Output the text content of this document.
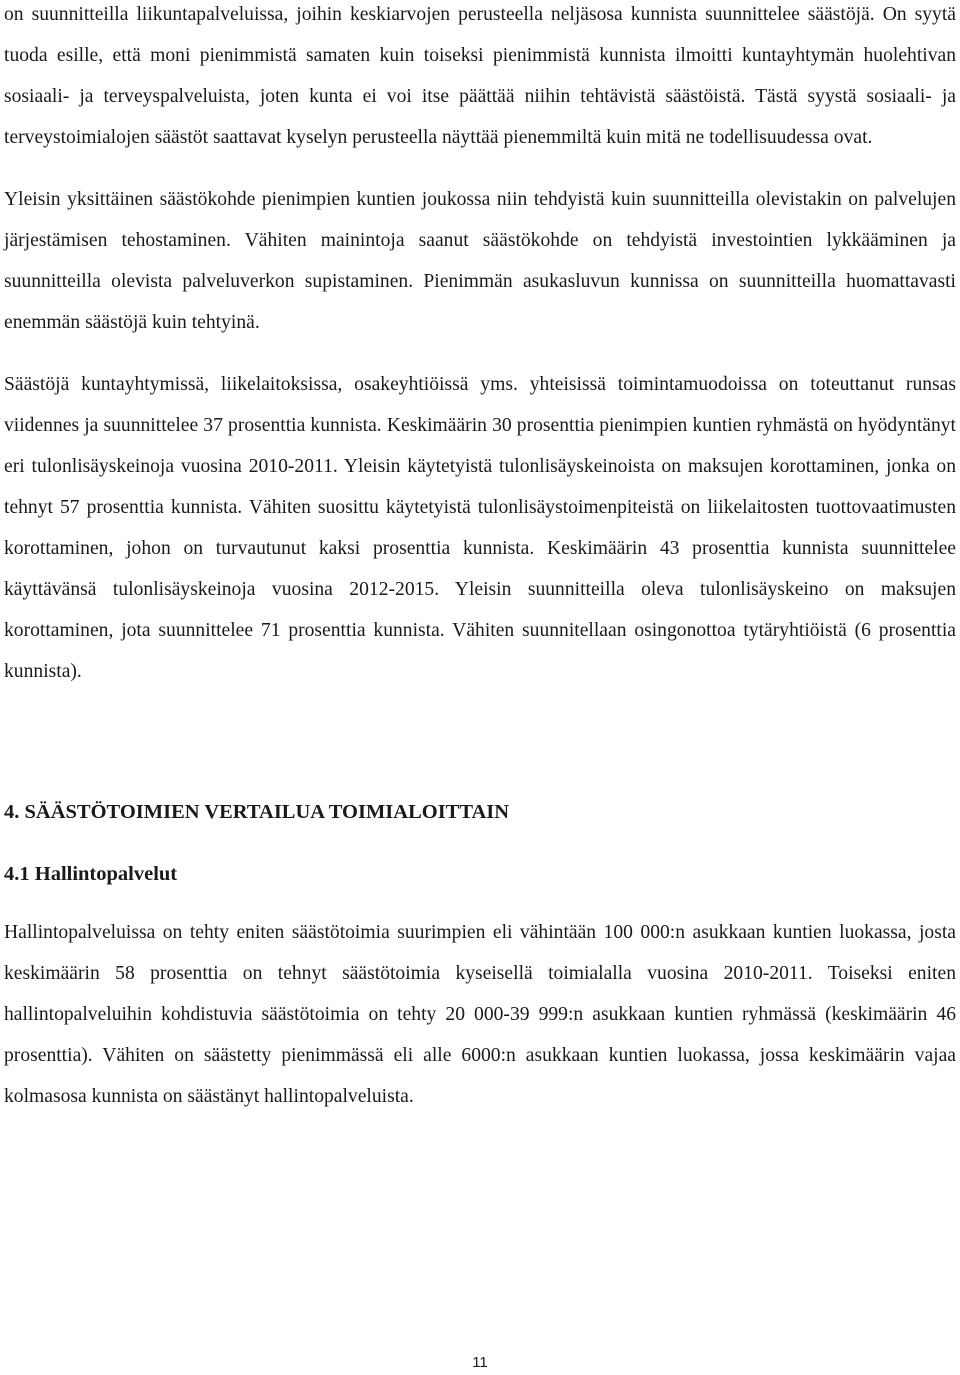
on suunnitteilla liikuntapalveluissa, joihin keskiarvojen perusteella neljäsosa kunnista suunnittelee säästöjä. On syytä tuoda esille, että moni pienimmistä samaten kuin toiseksi pienimmistä kunnista ilmoitti kuntayhtymän huolehtivan sosiaali- ja terveyspalveluista, joten kunta ei voi itse päättää niihin tehtävistä säästöistä. Tästä syystä sosiaali- ja terveystoimialojen säästöt saattavat kyselyn perusteella näyttää pienemmiltä kuin mitä ne todellisuudessa ovat.

Yleisin yksittäinen säästökohde pienimpien kuntien joukossa niin tehdyistä kuin suunnitteilla olevistakin on palvelujen järjestämisen tehostaminen. Vähiten mainintoja saanut säästökohde on tehdyistä investointien lykkääminen ja suunnitteilla olevista palveluverkon supistaminen. Pienimmän asukasluvun kunnissa on suunnitteilla huomattavasti enemmän säästöjä kuin tehtyinä.

Säästöjä kuntayhtymissä, liikelaitoksissa, osakeyhtiöissä yms. yhteisissä toimintamuodoissa on toteuttanut runsas viidennes ja suunnittelee 37 prosenttia kunnista. Keskimäärin 30 prosenttia pienimpien kuntien ryhmästä on hyödyntänyt eri tulonlisäyskeinoja vuosina 2010-2011. Yleisin käytetyistä tulonlisäyskeinoista on maksujen korottaminen, jonka on tehnyt 57 prosenttia kunnista. Vähiten suosittu käytetyistä tulonlisäystoimenpiteistä on liikelaitosten tuottovaatimusten korottaminen, johon on turvautunut kaksi prosenttia kunnista. Keskimäärin 43 prosenttia kunnista suunnittelee käyttävänsä tulonlisäyskeinoja vuosina 2012-2015. Yleisin suunnitteilla oleva tulonlisäyskeino on maksujen korottaminen, jota suunnittelee 71 prosenttia kunnista. Vähiten suunnitellaan osingonottoa tytäryhtiöistä (6 prosenttia kunnista).

4. SÄÄSTÖTOIMIEN VERTAILUA TOIMIALOITTAIN
4.1 Hallintopalvelut

Hallintopalveluissa on tehty eniten säästötoimia suurimpien eli vähintään 100 000:n asukkaan kuntien luokassa, josta keskimäärin 58 prosenttia on tehnyt säästötoimia kyseisellä toimialalla vuosina 2010-2011. Toiseksi eniten hallintopalveluihin kohdistuvia säästötoimia on tehty 20 000-39 999:n asukkaan kuntien ryhmässä (keskimäärin 46 prosenttia). Vähiten on säästetty pienimmässä eli alle 6000:n asukkaan kuntien luokassa, jossa keskimäärin vajaa kolmasosa kunnista on säästänyt hallintopalveluista.

11
